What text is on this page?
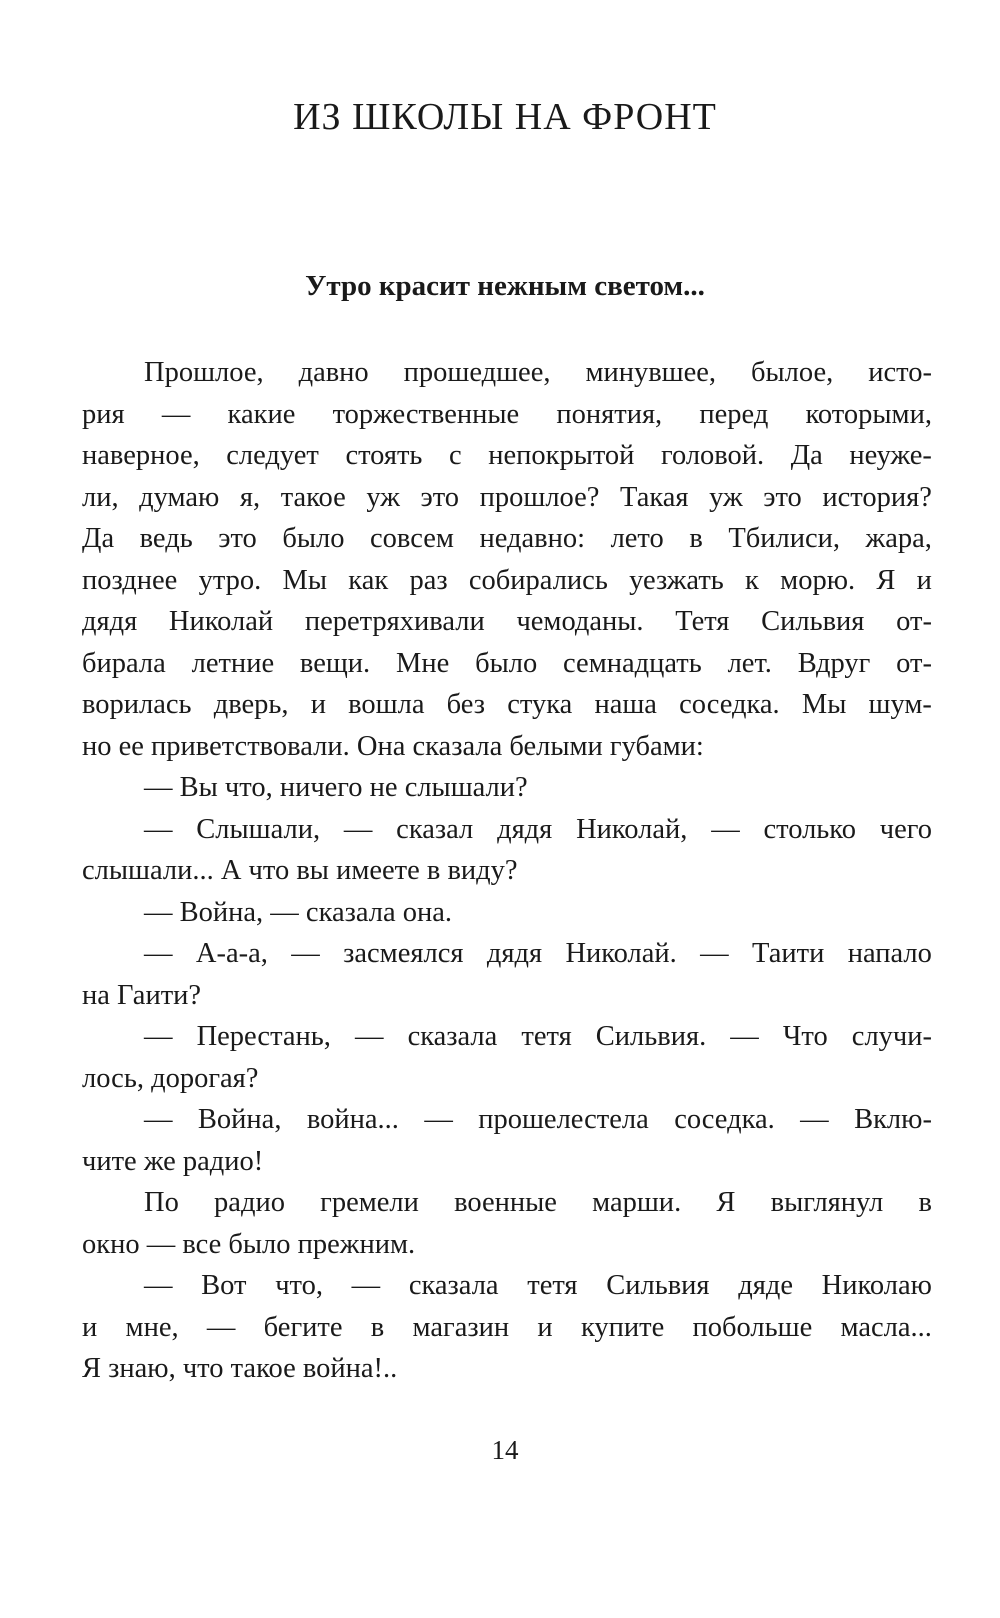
ИЗ ШКОЛЫ НА ФРОНТ
Утро красит нежным светом...
Прошлое, давно прошедшее, минувшее, былое, исто-
рия — какие торжественные понятия, перед которыми,
наверное, следует стоять с непокрытой головой. Да неуже-
ли, думаю я, такое уж это прошлое? Такая уж это история?
Да ведь это было совсем недавно: лето в Тбилиси, жара,
позднее утро. Мы как раз собирались уезжать к морю. Я и
дядя Николай перетряхивали чемоданы. Тетя Сильвия от-
бирала летние вещи. Мне было семнадцать лет. Вдруг от-
ворилась дверь, и вошла без стука наша соседка. Мы шум-
но ее приветствовали. Она сказала белыми губами:
— Вы что, ничего не слышали?
— Слышали, — сказал дядя Николай, — столько чего
слышали... А что вы имеете в виду?
— Война, — сказала она.
— А-а-а, — засмеялся дядя Николай. — Таити напало
на Гаити?
— Перестань, — сказала тетя Сильвия. — Что случи-
лось, дорогая?
— Война, война... — прошелестела соседка. — Вклю-
чите же радио!
По радио гремели военные марши. Я выглянул в
окно — все было прежним.
— Вот что, — сказала тетя Сильвия дяде Николаю
и мне, — бегите в магазин и купите побольше масла...
Я знаю, что такое война!..
14
